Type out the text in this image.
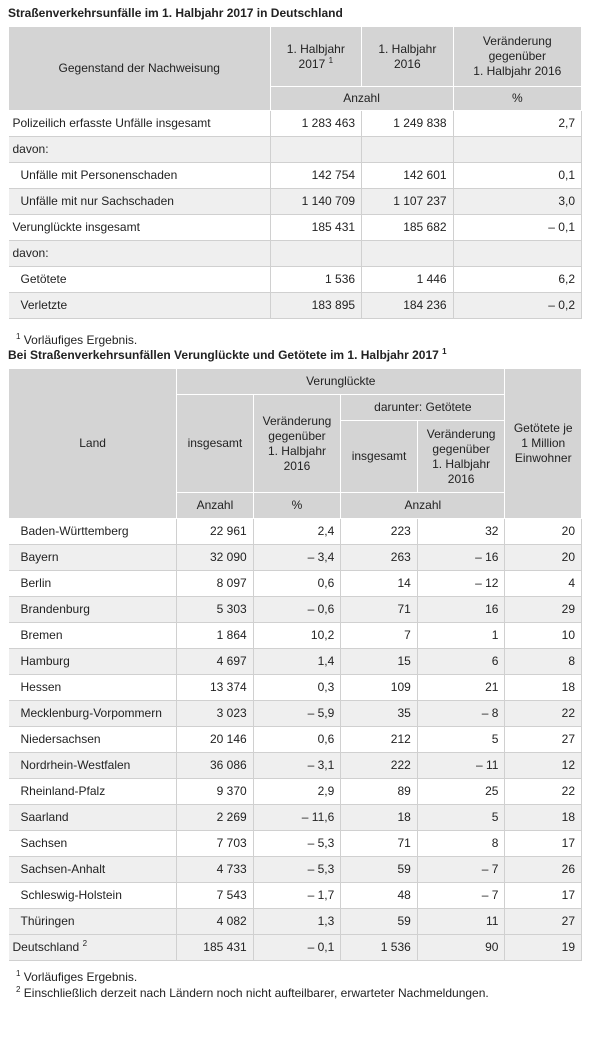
Straßenverkehrsunfälle im 1. Halbjahr 2017 in Deutschland
Gegenstand der Nachweisung	1. Halbjahr
2017 $^1$	1. Halbjahr
2016	Veränderung
gegenüber
1. Halbjahr 2016
	Anzahl		%
Polizeilich erfasste Unfälle insgesamt	1 283 463	1 249 838	2,7
davon:			
Unfälle mit Personenschaden	142 754	142 601	0,1
Unfälle mit nur Sachschaden	1 140 709	1 107 237	3,0
Verunglückte insgesamt	185 431	185 682	– 0,1
davon:			
Getötete	1 536	1 446	6,2
Verletzte	183 895	184 236	– 0,2
$^1$ Vorläufiges Ergebnis.
Bei Straßenverkehrsunfällen Verunglückte und Getötete im 1. Halbjahr 2017 $^1$
Land	Verunglückte				Getötete je
1 Million
Einwohner
	insgesamt	Veränderung
gegenüber
1. Halbjahr
2016	darunter: Getötete		
			insgesamt	Veränderung
gegenüber
1. Halbjahr
2016	
	Anzahl	%	Anzahl		
Baden-Württemberg	22 961	2,4	223	32	20
Bayern	32 090	– 3,4	263	– 16	20
Berlin	8 097	0,6	14	– 12	4
Brandenburg	5 303	– 0,6	71	16	29
Bremen	1 864	10,2	7	1	10
Hamburg	4 697	1,4	15	6	8
Hessen	13 374	0,3	109	21	18
Mecklenburg-Vorpommern	3 023	– 5,9	35	– 8	22
Niedersachsen	20 146	0,6	212	5	27
Nordrhein-Westfalen	36 086	– 3,1	222	– 11	12
Rheinland-Pfalz	9 370	2,9	89	25	22
Saarland	2 269	– 11,6	18	5	18
Sachsen	7 703	– 5,3	71	8	17
Sachsen-Anhalt	4 733	– 5,3	59	– 7	26
Schleswig-Holstein	7 543	– 1,7	48	– 7	17
Thüringen	4 082	1,3	59	11	27
Deutschland $^2$	185 431	– 0,1	1 536	90	19
$^1$ Vorläufiges Ergebnis.
$^2$ Einschließlich derzeit nach Ländern noch nicht aufteilbarer, erwarteter Nachmeldungen.
